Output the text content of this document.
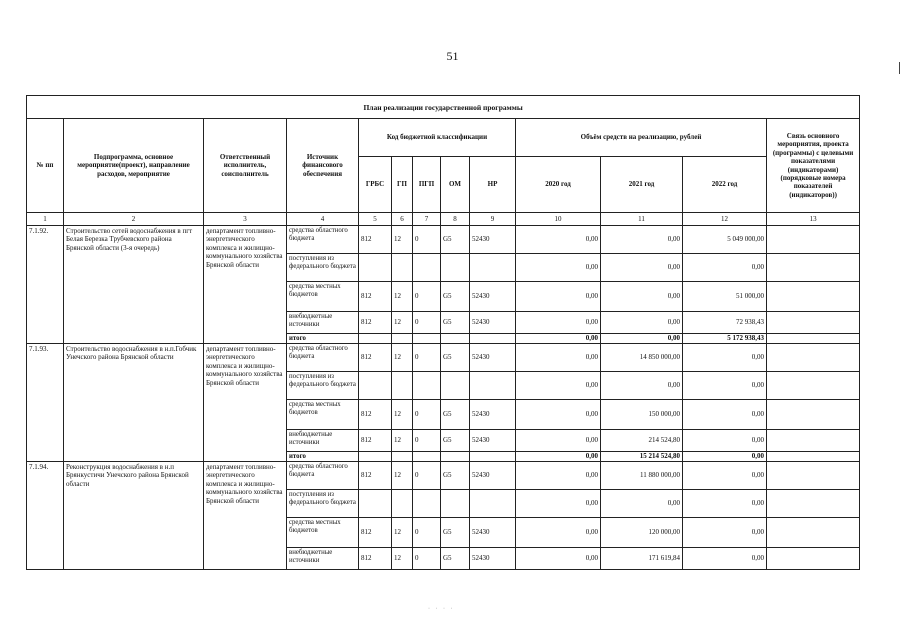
51
План реализации государственной программы												
№ пп	Подпрограмма, основное мероприятие(проект), направление расходов, мероприятие	Ответственный исполнитель, соисполнитель	Источник финансового обеспечения	Код бюджетной классификации					Объём средств на реализацию, рублей			Связь основного мероприятия, проекта (программы) с целевыми показателями (индикаторами) (порядковые номера показателей (индикаторов))
				ГРБС	ГП	ПГП	ОМ	НР	2020 год	2021 год	2022 год	
1	2	3	4	5	6	7	8	9	10	11	12	13
7.1.92.	Строительство сетей водоснабжения в пгт Белая Березка Трубчевского района Брянской области (3-я очередь)	департамент топливно-энергетического комплекса и жилищно-коммунального хозяйства Брянской области	средства областного бюджета	812	12	0	G5	52430	0,00	0,00	5 049 000,00	
			поступления из федерального бюджета						0,00	0,00	0,00	
			средства местных бюджетов	812	12	0	G5	52430	0,00	0,00	51 000,00	
			внебюджетные источники	812	12	0	G5	52430	0,00	0,00	72 938,43	
			итого						0,00	0,00	5 172 938,43	
7.1.93.	Строительство водоснабжения в н.п.Гобчик Унечского района Брянской области	департамент топливно-энергетического комплекса и жилищно-коммунального хозяйства Брянской области	средства областного бюджета	812	12	0	G5	52430	0,00	14 850 000,00	0,00	
			поступления из федерального бюджета						0,00	0,00	0,00	
			средства местных бюджетов	812	12	0	G5	52430	0,00	150 000,00	0,00	
			внебюджетные источники	812	12	0	G5	52430	0,00	214 524,80	0,00	
			итого						0,00	15 214 524,80	0,00	
7.1.94.	Реконструкция водоснабжения в н.п Брянкустичи Унечского района Брянской области	департамент топливно-энергетического комплекса и жилищно-коммунального хозяйства Брянской области	средства областного бюджета	812	12	0	G5	52430	0,00	11 880 000,00	0,00	
			поступления из федерального бюджета						0,00	0,00	0,00	
			средства местных бюджетов	812	12	0	G5	52430	0,00	120 000,00	0,00	
			внебюджетные источники	812	12	0	G5	52430	0,00	171 619,84	0,00	
· · · ·
